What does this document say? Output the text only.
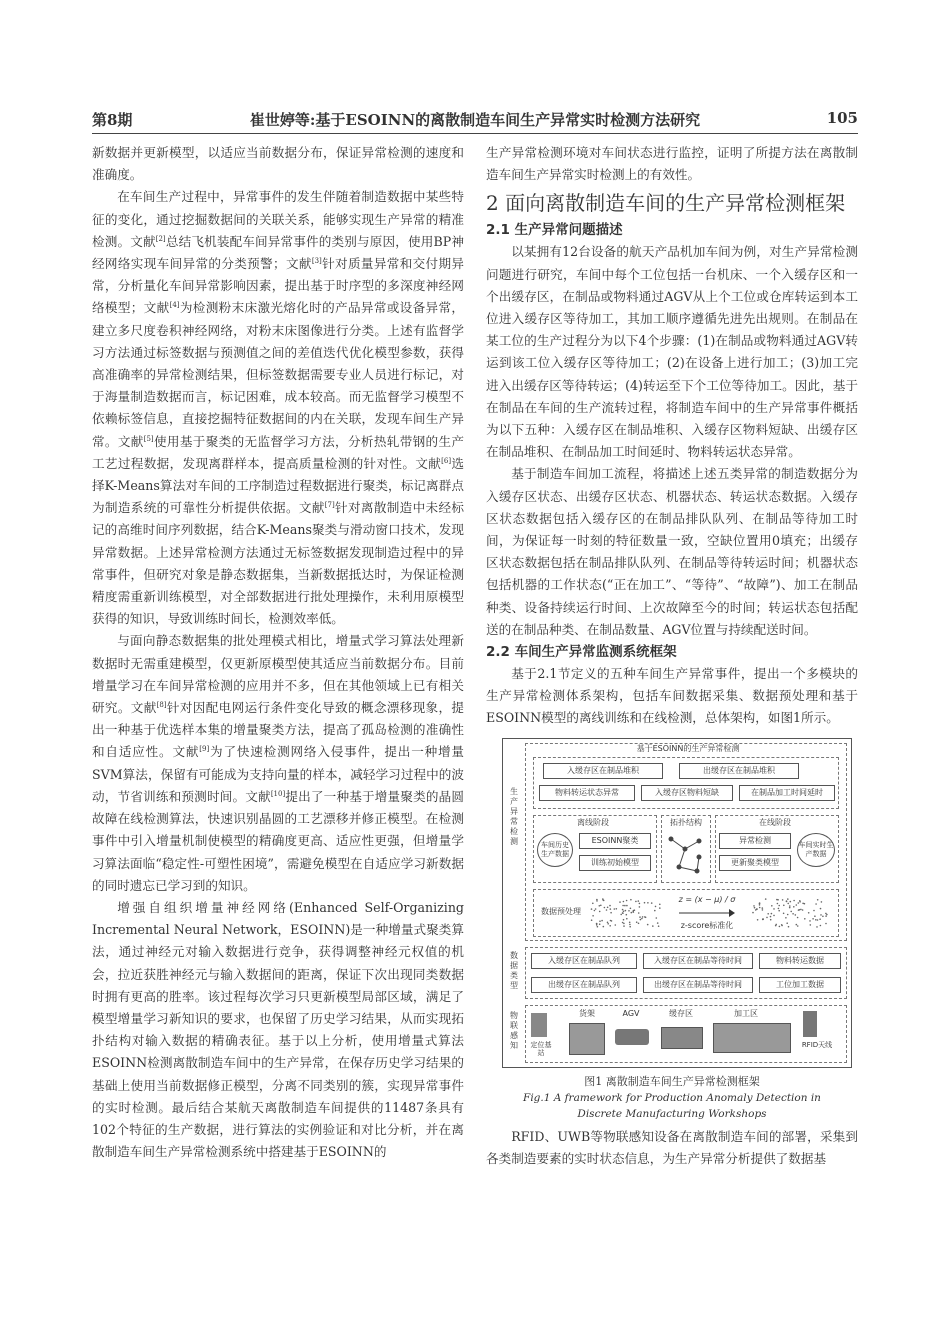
第8期	崔世婷等:基于ESOINN的离散制造车间生产异常实时检测方法研究	105

新数据并更新模型，以适应当前数据分布，保证异常检测的速度和准确度。

在车间生产过程中，异常事件的发生伴随着制造数据中某些特征的变化，通过挖掘数据间的关联关系，能够实现生产异常的精准检测。文献[2]总结飞机装配车间异常事件的类别与原因，使用BP神经网络实现车间异常的分类预警；文献[3]针对质量异常和交付期异常，分析量化车间异常影响因素，提出基于时序型的多深度神经网络模型；文献[4]为检测粉末床激光熔化时的产品异常或设备异常，建立多尺度卷积神经网络，对粉末床图像进行分类。上述有监督学习方法通过标签数据与预测值之间的差值迭代优化模型参数，获得高准确率的异常检测结果，但标签数据需要专业人员进行标记，对于海量制造数据而言，标记困难，成本较高。而无监督学习模型不依赖标签信息，直接挖掘特征数据间的内在关联，发现车间生产异常。文献[5]使用基于聚类的无监督学习方法，分析热轧带钢的生产工艺过程数据，发现离群样本，提高质量检测的针对性。文献[6]选择K-Means算法对车间的工序制造过程数据进行聚类，标记离群点为制造系统的可靠性分析提供依据。文献[7]针对离散制造中未经标记的高维时间序列数据，结合K-Means聚类与滑动窗口技术，发现异常数据。上述异常检测方法通过无标签数据发现制造过程中的异常事件，但研究对象是静态数据集，当新数据抵达时，为保证检测精度需重新训练模型，对全部数据进行批处理操作，未利用原模型获得的知识，导致训练时间长，检测效率低。

与面向静态数据集的批处理模式相比，增量式学习算法处理新数据时无需重建模型，仅更新原模型使其适应当前数据分布。目前增量学习在车间异常检测的应用并不多，但在其他领域上已有相关研究。文献[8]针对因配电网运行条件变化导致的概念漂移现象，提出一种基于优选样本集的增量聚类方法，提高了孤岛检测的准确性和自适应性。文献[9]为了快速检测网络入侵事件，提出一种增量SVM算法，保留有可能成为支持向量的样本，减轻学习过程中的波动，节省训练和预测时间。文献[10]提出了一种基于增量聚类的晶圆故障在线检测算法，快速识别晶圆的工艺漂移并修正模型。在检测事件中引入增量机制使模型的精确度更高、适应性更强，但增量学习算法面临“稳定性-可塑性困境”，需避免模型在自适应学习新数据的同时遗忘已学习到的知识。

增强自组织增量神经网络(Enhanced Self-Organizing Incremental Neural Network，ESOINN)是一种增量式聚类算法，通过神经元对输入数据进行竞争，获得调整神经元权值的机会，拉近获胜神经元与输入数据间的距离，保证下次出现同类数据时拥有更高的胜率。该过程每次学习只更新模型局部区域，满足了模型增量学习新知识的要求，也保留了历史学习结果，从而实现拓扑结构对输入数据的精确表征。基于以上分析，使用增量式算法ESOINN检测离散制造车间中的生产异常，在保存历史学习结果的基础上使用当前数据修正模型，分离不同类别的簇，实现异常事件的实时检测。最后结合某航天离散制造车间提供的11487条具有102个特征的生产数据，进行算法的实例验证和对比分析，并在离散制造车间生产异常检测系统中搭建基于ESOINN的

生产异常检测环境对车间状态进行监控，证明了所提方法在离散制造车间生产异常实时检测上的有效性。

2 面向离散制造车间的生产异常检测框架
2.1 生产异常问题描述

以某拥有12台设备的航天产品机加车间为例，对生产异常检测问题进行研究，车间中每个工位包括一台机床、一个入缓存区和一个出缓存区，在制品或物料通过AGV从上个工位或仓库转运到本工位进入缓存区等待加工，其加工顺序遵循先进先出规则。在制品在某工位的生产过程分为以下4个步骤：(1)在制品或物料通过AGV转运到该工位入缓存区等待加工；(2)在设备上进行加工；(3)加工完进入出缓存区等待转运；(4)转运至下个工位等待加工。因此，基于在制品在车间的生产流转过程，将制造车间中的生产异常事件概括为以下五种：入缓存区在制品堆积、入缓存区物料短缺、出缓存区在制品堆积、在制品加工时间延时、物料转运状态异常。

基于制造车间加工流程，将描述上述五类异常的制造数据分为入缓存区状态、出缓存区状态、机器状态、转运状态数据。入缓存区状态数据包括入缓存区的在制品排队队列、在制品等待加工时间，为保证每一时刻的特征数量一致，空缺位置用0填充；出缓存区状态数据包括在制品排队队列、在制品等待转运时间；机器状态包括机器的工作状态(“正在加工”、“等待”、“故障”)、加工在制品种类、设备持续运行时间、上次故障至今的时间；转运状态包括配送的在制品种类、在制品数量、AGV位置与持续配送时间。

2.2 车间生产异常监测系统框架

基于2.1节定义的五种车间生产异常事件，提出一个多模块的生产异常检测体系架构，包括车间数据采集、数据预处理和基于ESOINN模型的离线训练和在线检测，总体架构，如图1所示。

基于ESOINN的生产异常检测
生产异常检测
入缓存区在制品堆积	出缓存区在制品堆积
物料转运状态异常	入缓存区物料短缺	在制品加工时间延时
离线阶段
车间历史生产数据
ESOINN聚类
训练初始模型
拓扑结构	在线阶段
异常检测
更新聚类模型
车间实时生产数据
数据预处理
z = (x − μ) / σ
z-score标准化
数据类型
入缓存区在制品队列	入缓存区在制品等待时间	物料转运数据
出缓存区在制品队列	出缓存区在制品等待时间	工位加工数据
物联感知 定位基站
货架	AGV	缓存区	加工区
RFID天线
图1 离散制造车间生产异常检测框架
Fig.1 A framework for Production Anomaly Detection in
Discrete Manufacturing Workshops

RFID、UWB等物联感知设备在离散制造车间的部署，采集到各类制造要素的实时状态信息，为生产异常分析提供了数据基
